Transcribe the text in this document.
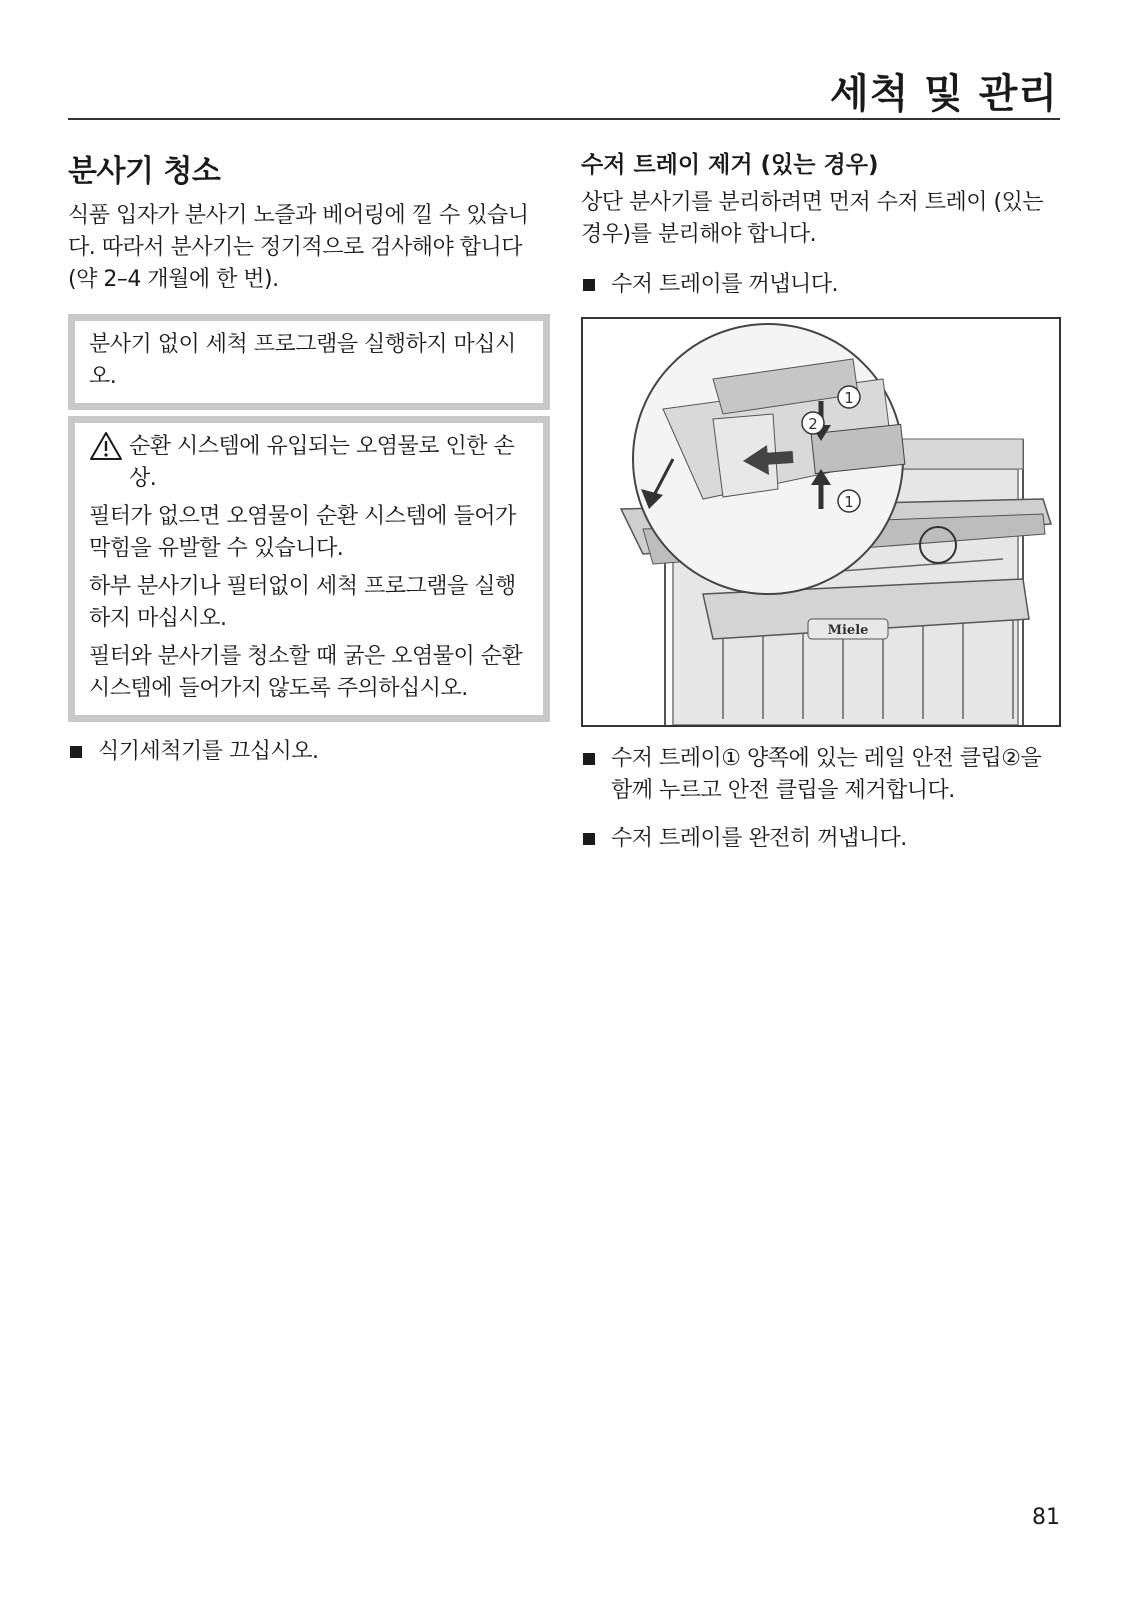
세척 및 관리
분사기 청소

식품 입자가 분사기 노즐과 베어링에 낄 수 있습니다. 따라서 분사기는 정기적으로 검사해야 합니다(약 2–4 개월에 한 번).

분사기 없이 세척 프로그램을 실행하지 마십시오.

순환 시스템에 유입되는 오염물로 인한 손상.

필터가 없으면 오염물이 순환 시스템에 들어가 막힘을 유발할 수 있습니다.

하부 분사기나 필터없이 세척 프로그램을 실행하지 마십시오.

필터와 분사기를 청소할 때 굵은 오염물이 순환 시스템에 들어가지 않도록 주의하십시오.

식기세척기를 끄십시오.
수저 트레이 제거 (있는 경우)

상단 분사기를 분리하려면 먼저 수저 트레이 (있는 경우)를 분리해야 합니다.

수저 트레이를 꺼냅니다.
Miele
1
1
2
수저 트레이① 양쪽에 있는 레일 안전 클립②을 함께 누르고 안전 클립을 제거합니다.
수저 트레이를 완전히 꺼냅니다.
81
